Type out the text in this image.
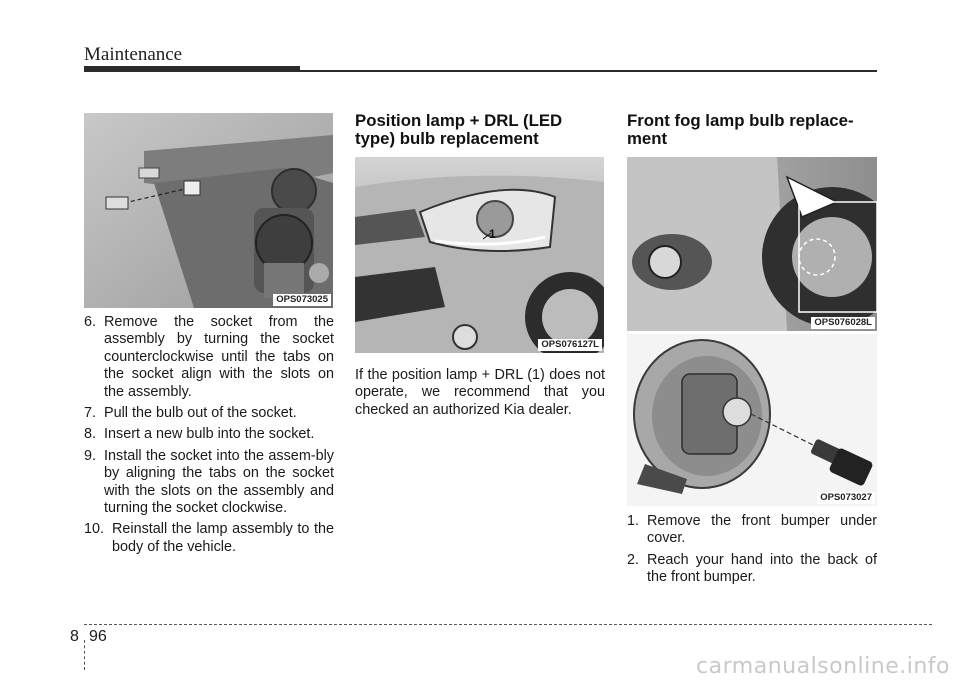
Maintenance
OPS073025
6. Remove the socket from the assembly by turning the socket counterclockwise until the tabs on the socket align with the slots on the assembly.
7. Pull the bulb out of the socket.
8. Insert a new bulb into the socket.
9. Install the socket into the assem-bly by aligning the tabs on the socket with the slots on the assembly and turning the socket clockwise.
10. Reinstall the lamp assembly to the body of the vehicle.
Position lamp + DRL (LED
type) bulb replacement
1
OPS076127L
If the position lamp + DRL (1) does not operate, we recommend that you checked an authorized Kia dealer.
Front fog lamp bulb replace-
ment
OPS076028L
OPS073027
1. Remove the front bumper under cover.
2. Reach your hand into the back of the front bumper.
8 96
carmanualsonline.info
